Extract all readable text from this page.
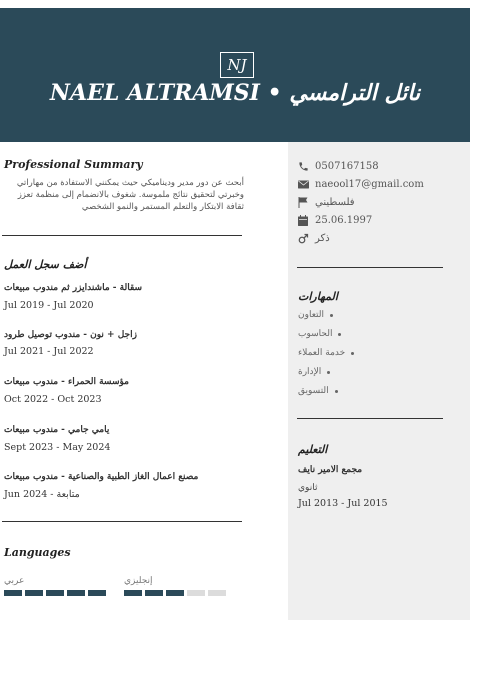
NJ
NAEL ALTRAMSI • نائل الترامسي
0507167158
naeool17@gmail.com
فلسطيني
25.06.1997
ذكر
المهارات
التعاون
الحاسوب
خدمة العملاء
الإدارة
التسويق
التعليم
مجمع الامير نايف
ثانوي
Jul 2013 - Jul 2015
Professional Summary
أبحث عن دور مدير وديناميكي حيث يمكنني الاستفادة من مهاراتي وخبرتي لتحقيق نتائج ملموسة. شغوف بالانضمام إلى منظمة تعزز ثقافة الابتكار والتعلم المستمر والنمو الشخصي
أضف سجل العمل
سقالة - ماشندايزر ثم مندوب مبيعات
Jul 2019 - Jul 2020
زاجل + نون - مندوب توصيل طرود
Jul 2021 - Jul 2022
مؤسسة الحمراء - مندوب مبيعات
Oct 2022 - Oct 2023
يامي جامي - مندوب مبيعات
Sept 2023 - May 2024
مصنع اعمال الغاز الطبية والصناعية - مندوب مبيعات
Jun 2024 - متابعة
Languages
عربي	إنجليزي
